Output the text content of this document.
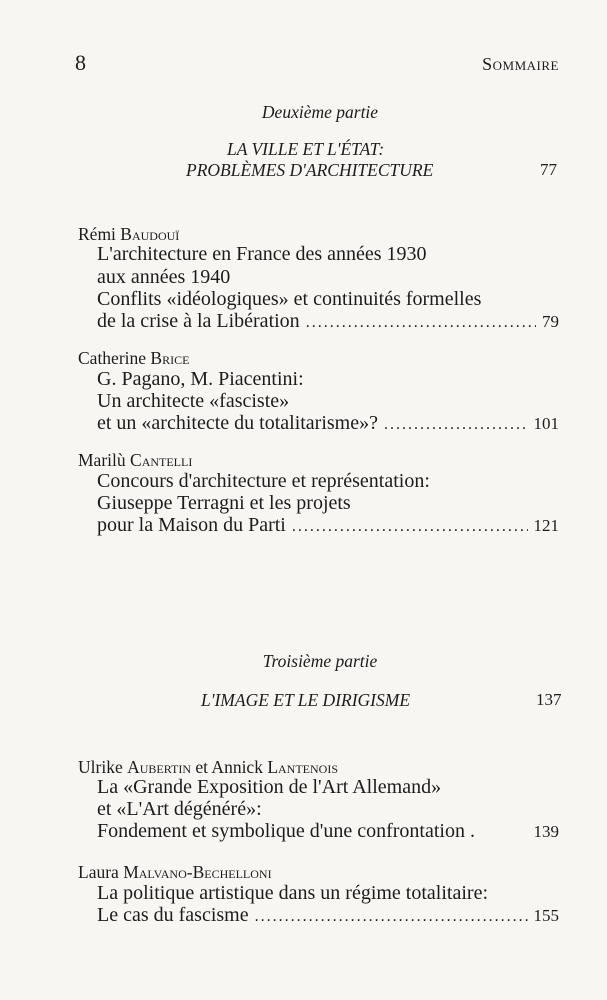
8	Sommaire
Deuxième partie
LA VILLE ET L'ÉTAT:
PROBLÈMES D'ARCHITECTURE	77
Rémi Baudouï
L'architecture en France des années 1930
aux années 1940
Conflits «idéologiques» et continuités formelles
de la crise à la Libération .....	79
Catherine Brice
G. Pagano, M. Piacentini:
Un architecte «fasciste»
et un «architecte du totalitarisme»? .....	101
Marilù Cantelli
Concours d'architecture et représentation:
Giuseppe Terragni et les projets
pour la Maison du Parti .....	121
Troisième partie
L'IMAGE ET LE DIRIGISME	137
Ulrike Aubertin et Annick Lantenois
La «Grande Exposition de l'Art Allemand»
et «L'Art dégénéré»:
Fondement et symbolique d'une confrontation .	139
Laura Malvano-Bechelloni
La politique artistique dans un régime totalitaire:
Le cas du fascisme .....	155
